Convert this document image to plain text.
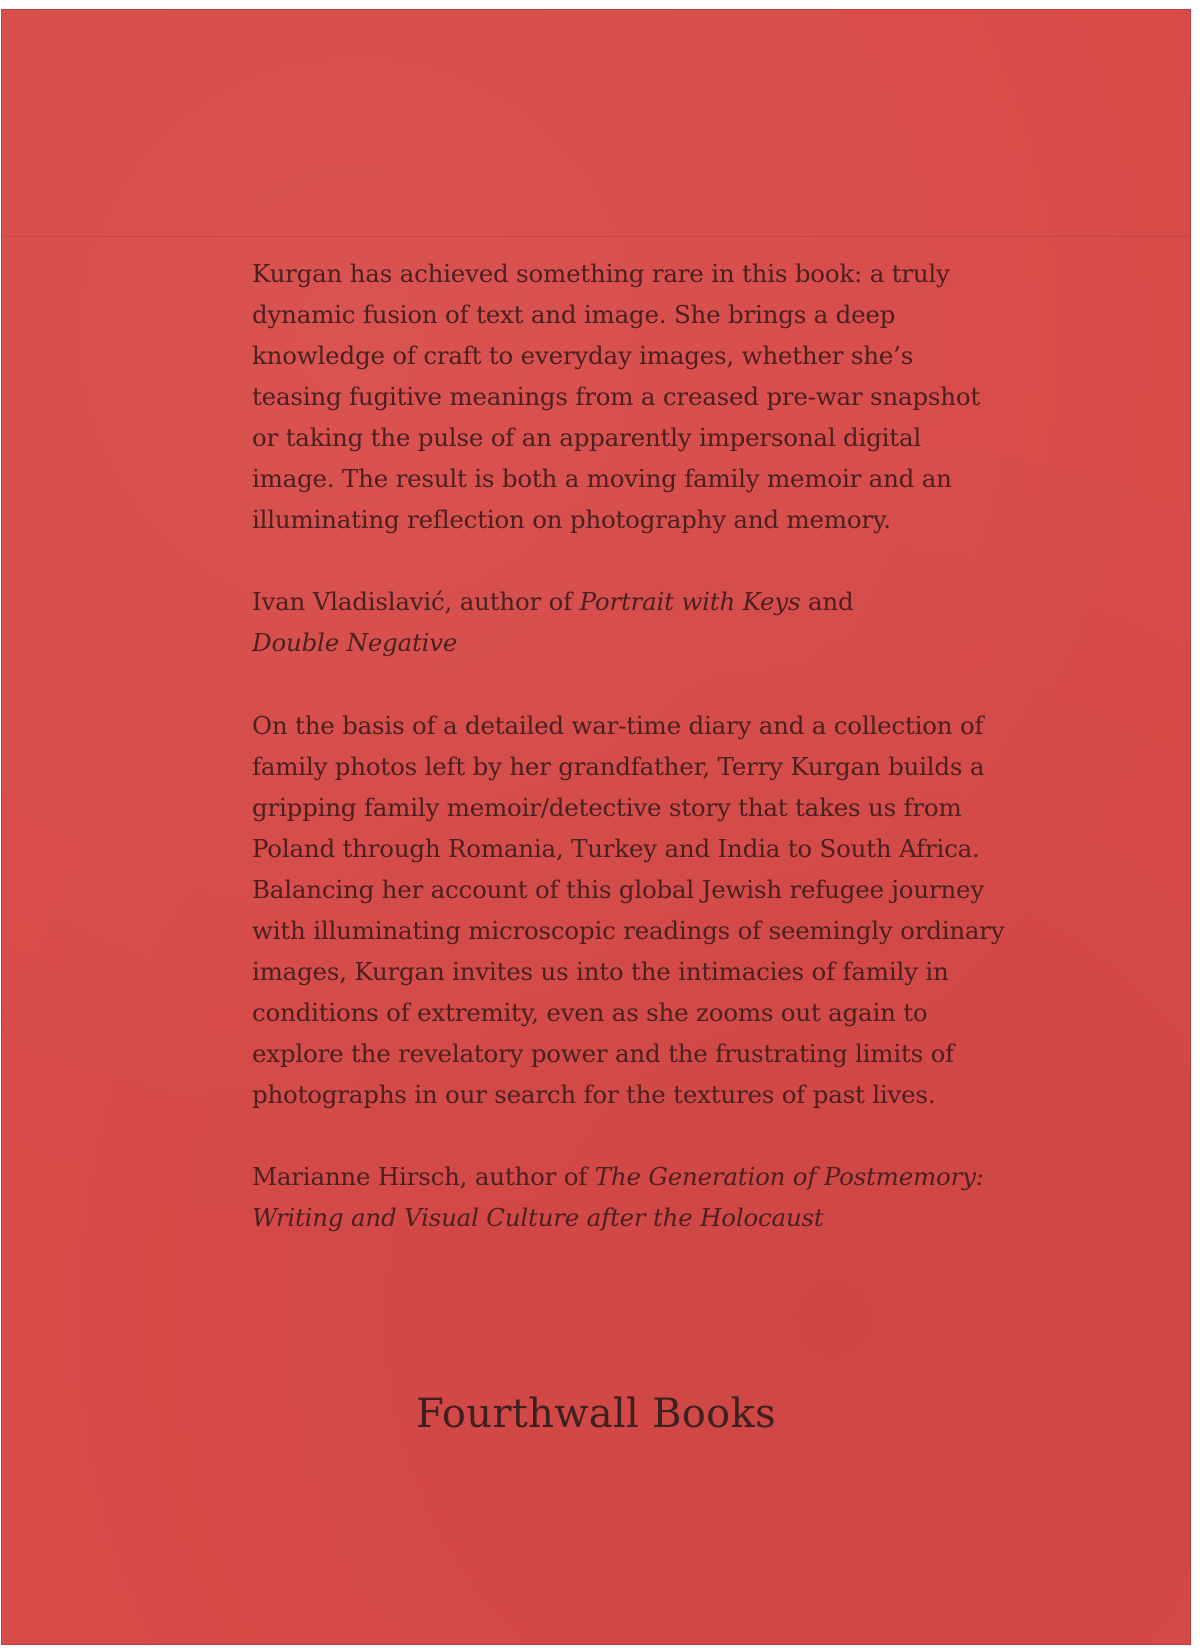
Kurgan has achieved something rare in this book: a truly
dynamic fusion of text and image. She brings a deep
knowledge of craft to everyday images, whether she’s
teasing fugitive meanings from a creased pre-war snapshot
or taking the pulse of an apparently impersonal digital
image. The result is both a moving family memoir and an
illuminating reflection on photography and memory.
Ivan Vladislavić, author of Portrait with Keys and
Double Negative
On the basis of a detailed war-time diary and a collection of
family photos left by her grandfather, Terry Kurgan builds a
gripping family memoir/detective story that takes us from
Poland through Romania, Turkey and India to South Africa.
Balancing her account of this global Jewish refugee journey
with illuminating microscopic readings of seemingly ordinary
images, Kurgan invites us into the intimacies of family in
conditions of extremity, even as she zooms out again to
explore the revelatory power and the frustrating limits of
photographs in our search for the textures of past lives.
Marianne Hirsch, author of The Generation of Postmemory:
Writing and Visual Culture after the Holocaust
Fourthwall Books
